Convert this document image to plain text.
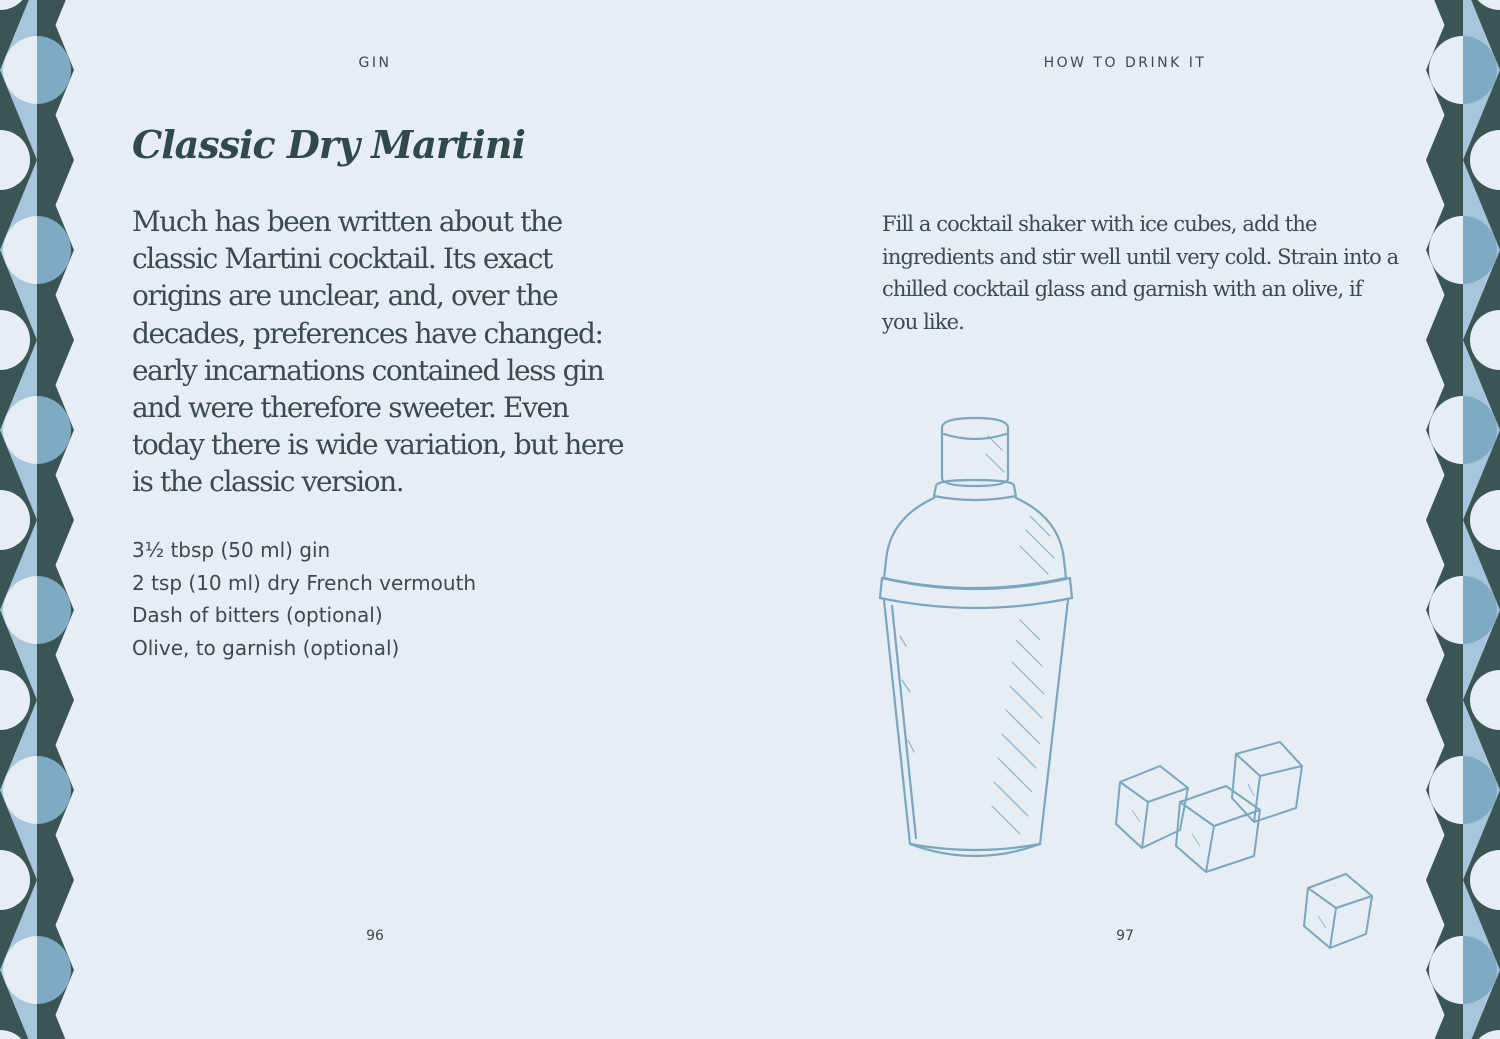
GIN

Classic Dry Martini

Much has been written about the classic Martini cocktail. Its exact origins are unclear, and, over the decades, preferences have changed: early incarnations contained less gin and were therefore sweeter. Even today there is wide variation, but here is the classic version.

3½ tbsp (50 ml) gin
2 tsp (10 ml) dry French vermouth
Dash of bitters (optional)
Olive, to garnish (optional)

96

HOW TO DRINK IT

Fill a cocktail shaker with ice cubes, add the ingredients and stir well until very cold. Strain into a chilled cocktail glass and garnish with an olive, if you like.

97
